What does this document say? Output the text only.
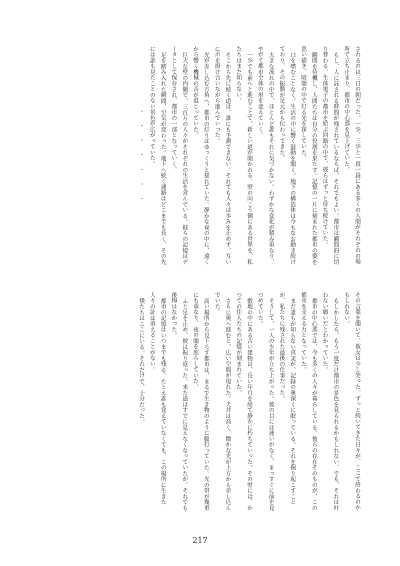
されるのは三日の朝だった。一歩、三歩と一段一段にある多くの人間がそれぞれの場所で立ち止まり、都市の中心部を見上げていた。

もし、人に託される時間が残されているならば、それでもよい。都市は瞬間的に切り替わる。生体電子の都市を結ぶ回路の中で、彼らはずっと待ち続けていた。

瞬間を待機し、人間たちは自分の役割を果たす。記憶の一片に刻まれた都市の姿を思い描き、暗闇の中で灯る光を探していた。

口を噤むことなく、生活の中に響く鼓動を聞く。地下の構造体は今もなお動き続けており、その振動が足元から伝わってきた。

大きな流れの中で、ほとんど誰もそれに気づかない。わずかな変化が積み重なり、やがて都市全体の形を変えていく。

一歩でも前へと進むことで、新しい道が開かれる。壁の向こう側にある世界を、私たちはまだ知らない。

そこから先に続く道は、誰にも予測できない。それでも人々は歩みを止めず、互いに声を掛け合いながら進んでいった。

光が差し込む方角へ、都市の灯りはゆっくりと揺れていた。静かな夜の中に、遠くから響く機械の音が混じっていた。

巨大な壁の内側で、三百万の人々がそれぞれの生活を営んでいる。彼らの記憶はデータとして保存され、都市の一部となっていく。

足を踏み入れた瞬間、空気が変わった。地下へ続く通路はどこまでも長く、その先には誰も見たことのない景色が広がっていた。

・・・・・・・

その言葉を聞いて、彼女は少し笑った。ずっと続いてきた日々が、ここで終わるのかもしれない。

もしかしたら、もう一度だけ都市の景色を見られるかもしれない。でも、それは叶わない願いだとわかっていた。

都市の中心部では、今も多くの人々が暮らしている。彼らの存在そのものが、この都市を支える力となっていた。

まだ誰もが知らない真実が、記録の奥深くに眠っている。それを掘り起こすことが、私たちに残された最後の仕事だった。

そうして、一人の少年が立ち上がった。彼の目には迷いがなく、まっすぐに前を見つめていた。

敷地の中にある古い建物は、長い年月を経て静かに朽ちていった。その壁には、かつての住人たちの記憶が刻まれていた。

さらに奥へ進むと、広い空間が現れた。天井は高く、微かな光が上方から差し込んでいた。

高い場所から見下ろす都市は、まるで生き物のように脈打っていた。光の帯が幾重にも重なり、夜の闇を照らしていた。

ふと足を止め、彼は振り返った。来た道はすでに見えなくなっていたが、それでも後悔はなかった。

都市の記憶はいつまでも残る。たとえ誰も覚えていなくても、この場所に生きた人々の証は消えることがない。

僕たちはここにいる。それだけで、十分だった。

217
